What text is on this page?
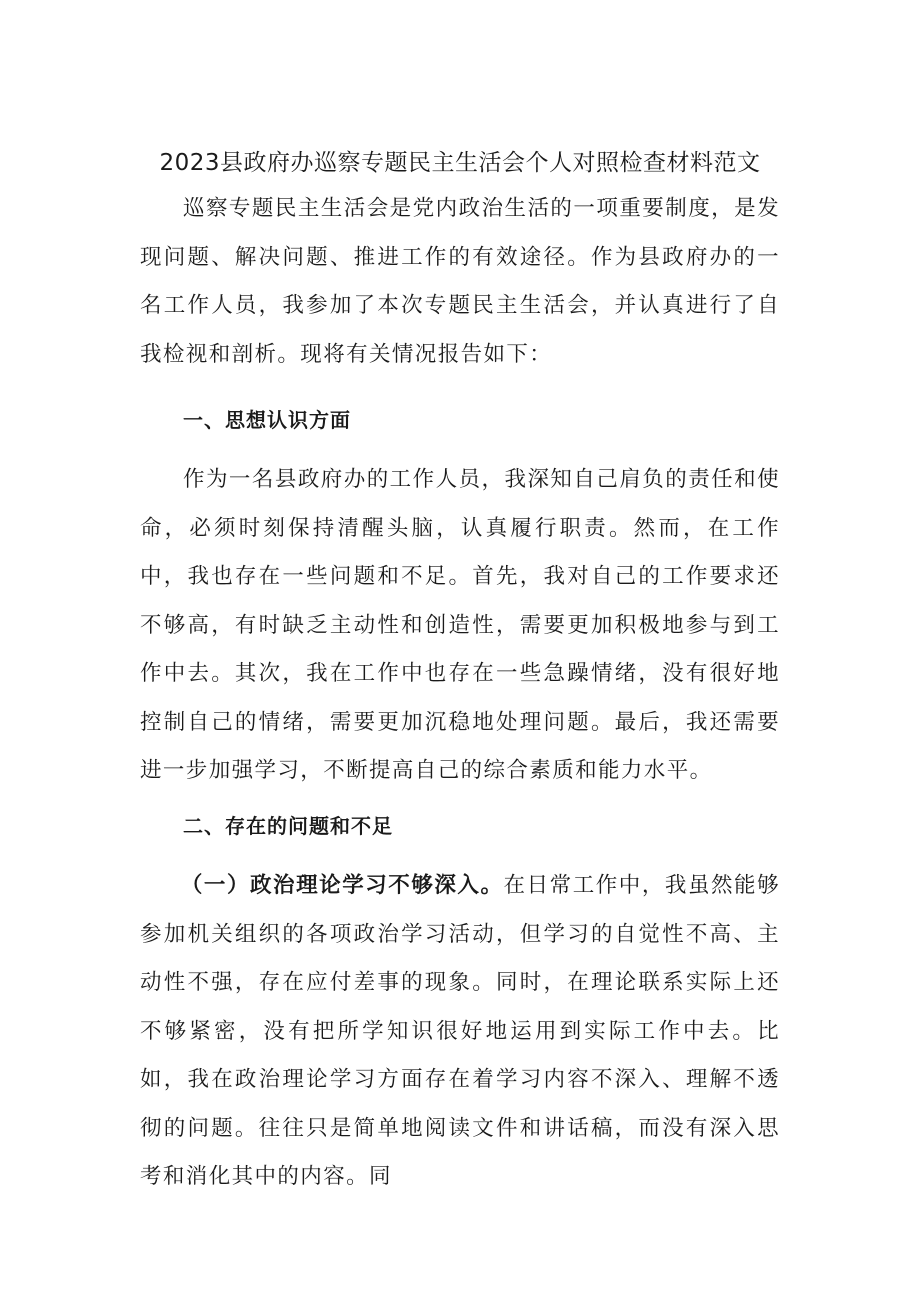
2023县政府办巡察专题民主生活会个人对照检查材料范文

巡察专题民主生活会是党内政治生活的一项重要制度，是发现问题、解决问题、推进工作的有效途径。作为县政府办的一名工作人员，我参加了本次专题民主生活会，并认真进行了自我检视和剖析。现将有关情况报告如下：

一、思想认识方面

作为一名县政府办的工作人员，我深知自己肩负的责任和使命，必须时刻保持清醒头脑，认真履行职责。然而，在工作中，我也存在一些问题和不足。首先，我对自己的工作要求还不够高，有时缺乏主动性和创造性，需要更加积极地参与到工作中去。其次，我在工作中也存在一些急躁情绪，没有很好地控制自己的情绪，需要更加沉稳地处理问题。最后，我还需要进一步加强学习，不断提高自己的综合素质和能力水平。

二、存在的问题和不足

（一）政治理论学习不够深入。在日常工作中，我虽然能够参加机关组织的各项政治学习活动，但学习的自觉性不高、主动性不强，存在应付差事的现象。同时，在理论联系实际上还不够紧密，没有把所学知识很好地运用到实际工作中去。比如，我在政治理论学习方面存在着学习内容不深入、理解不透彻的问题。往往只是简单地阅读文件和讲话稿，而没有深入思考和消化其中的内容。同
